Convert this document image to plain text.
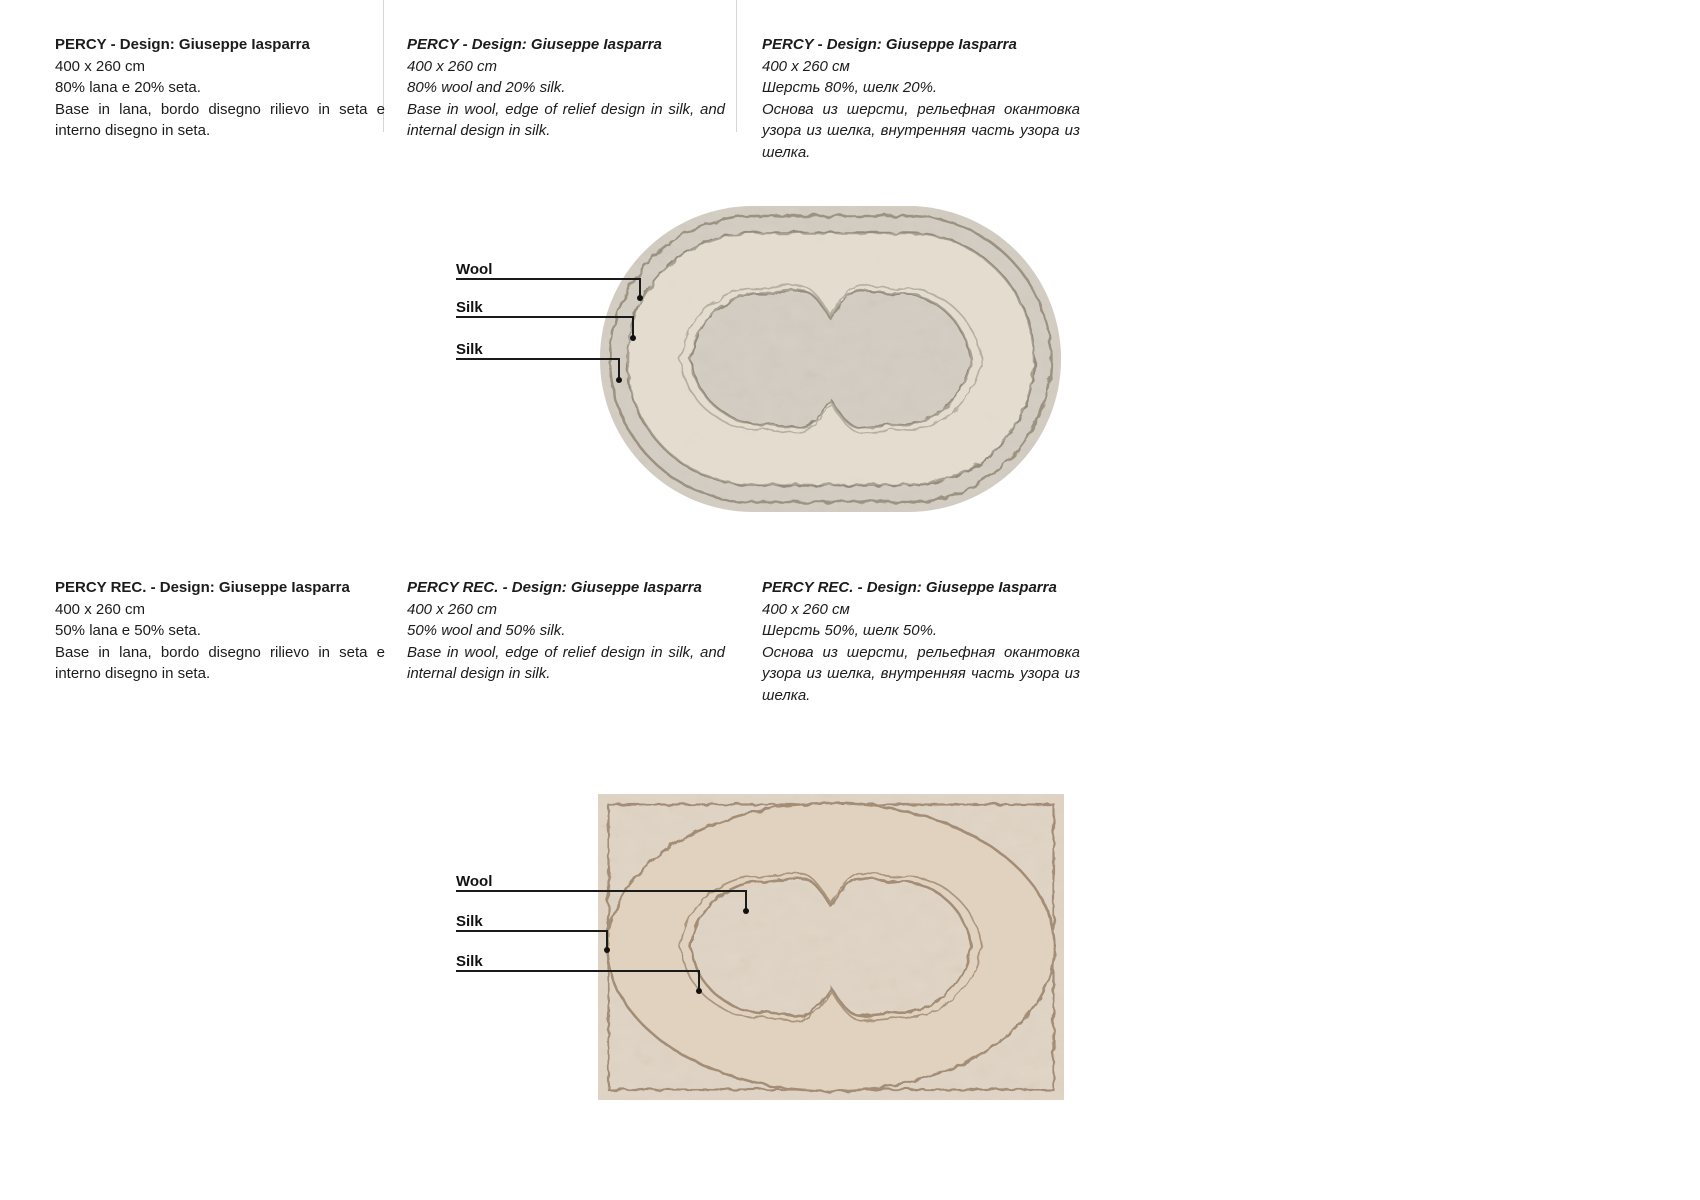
PERCY - Design: Giuseppe Iasparra

400 x 260 cm

80% lana e 20% seta.

Base in lana, bordo disegno rilievo in seta e interno disegno in seta.

PERCY - Design: Giuseppe Iasparra

400 x 260 cm

80% wool and 20% silk.

Base in wool, edge of relief design in silk, and internal design in silk.

PERCY - Design: Giuseppe Iasparra

400 x 260 см

Шерсть 80%, шелк 20%.

Основа из шерсти, рельефная окантовка узора из шелка, внутренняя часть узора из шелка.

Wool
Silk
Silk
PERCY REC. - Design: Giuseppe Iasparra

400 x 260 cm

50% lana e 50% seta.

Base in lana, bordo disegno rilievo in seta e interno disegno in seta.

PERCY REC. - Design: Giuseppe Iasparra

400 x 260 cm

50% wool and 50% silk.

Base in wool, edge of relief design in silk, and internal design in silk.

PERCY REC. - Design: Giuseppe Iasparra

400 x 260 см

Шерсть 50%, шелк 50%.

Основа из шерсти, рельефная окантовка узора из шелка, внутренняя часть узора из шелка.

Wool
Silk
Silk
